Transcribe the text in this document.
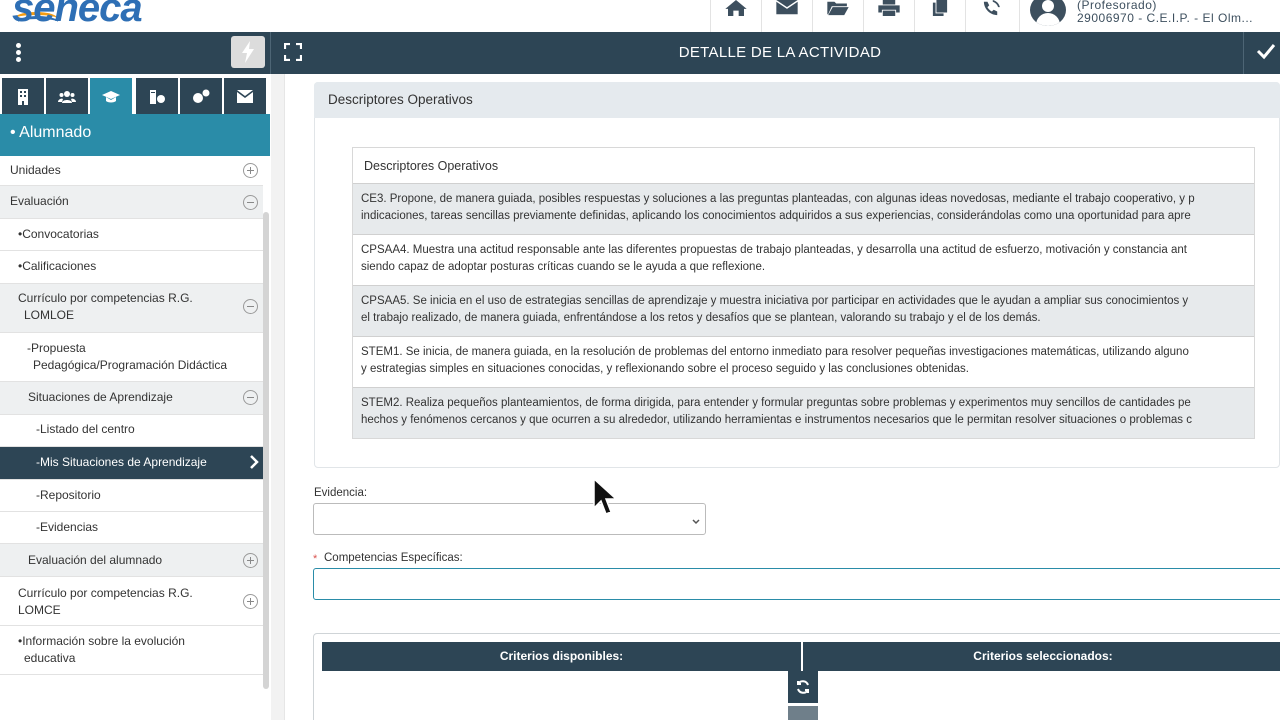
seneca	(Profesorado)
29006970 - C.E.I.P. - El Olm...
DETALLE DE LA ACTIVIDAD
• Alumnado
Unidades
Evaluación
•Convocatorias
•Calificaciones
Currículo por competencias R.G.
LOMLOE
-Propuesta
Pedagógica/Programación Didáctica
Situaciones de Aprendizaje
-Listado del centro
-Mis Situaciones de Aprendizaje
-Repositorio
-Evidencias
Evaluación del alumnado
Currículo por competencias R.G.
LOMCE
•Información sobre la evolución
educativa
Descriptores Operativos
Descriptores Operativos
CE3. Propone, de manera guiada, posibles respuestas y soluciones a las preguntas planteadas, con algunas ideas novedosas, mediante el trabajo cooperativo, y p
indicaciones, tareas sencillas previamente definidas, aplicando los conocimientos adquiridos a sus experiencias, considerándolas como una oportunidad para apre
CPSAA4. Muestra una actitud responsable ante las diferentes propuestas de trabajo planteadas, y desarrolla una actitud de esfuerzo, motivación y constancia ant
siendo capaz de adoptar posturas críticas cuando se le ayuda a que reflexione.
CPSAA5. Se inicia en el uso de estrategias sencillas de aprendizaje y muestra iniciativa por participar en actividades que le ayudan a ampliar sus conocimientos y
el trabajo realizado, de manera guiada, enfrentándose a los retos y desafíos que se plantean, valorando su trabajo y el de los demás.
STEM1. Se inicia, de manera guiada, en la resolución de problemas del entorno inmediato para resolver pequeñas investigaciones matemáticas, utilizando alguno
y estrategias simples en situaciones conocidas, y reflexionando sobre el proceso seguido y las conclusiones obtenidas.
STEM2. Realiza pequeños planteamientos, de forma dirigida, para entender y formular preguntas sobre problemas y experimentos muy sencillos de cantidades pe
hechos y fenómenos cercanos y que ocurren a su alrededor, utilizando herramientas e instrumentos necesarios que le permitan resolver situaciones o problemas c
Evidencia:
* Competencias Específicas:
Criterios disponibles:	Criterios seleccionados:
